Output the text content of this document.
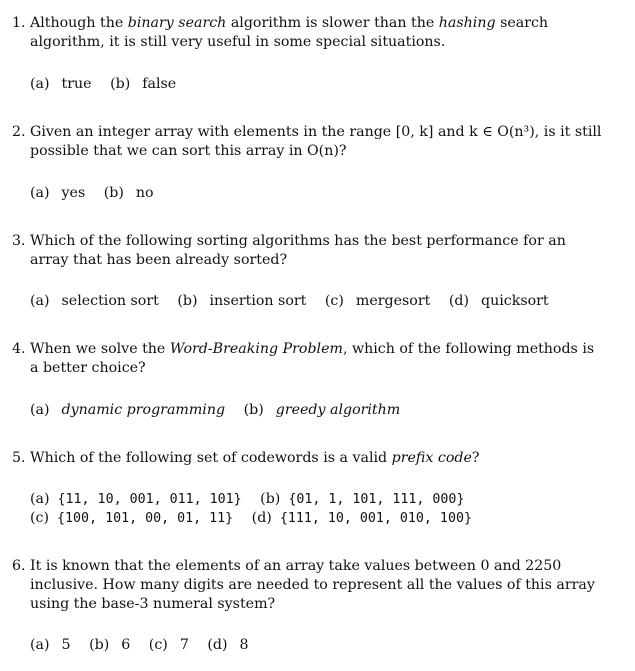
1. Although the binary search algorithm is slower than the hashing search algorithm, it is still very useful in some special situations.
(a) true (b) false
2. Given an integer array with elements in the range [0, k] and k ∈ O(n³), is it still possible that we can sort this array in O(n)?
(a) yes (b) no
3. Which of the following sorting algorithms has the best performance for an array that has been already sorted?
(a) selection sort (b) insertion sort (c) mergesort (d) quicksort
4. When we solve the Word-Breaking Problem, which of the following methods is a better choice?
(a) dynamic programming (b) greedy algorithm
5. Which of the following set of codewords is a valid prefix code?
(a) {11, 10, 001, 011, 101} (b) {01, 1, 101, 111, 000}
(c) {100, 101, 00, 01, 11} (d) {111, 10, 001, 010, 100}
6. It is known that the elements of an array take values between 0 and 2250 inclusive. How many digits are needed to represent all the values of this array using the base-3 numeral system?
(a) 5 (b) 6 (c) 7 (d) 8
